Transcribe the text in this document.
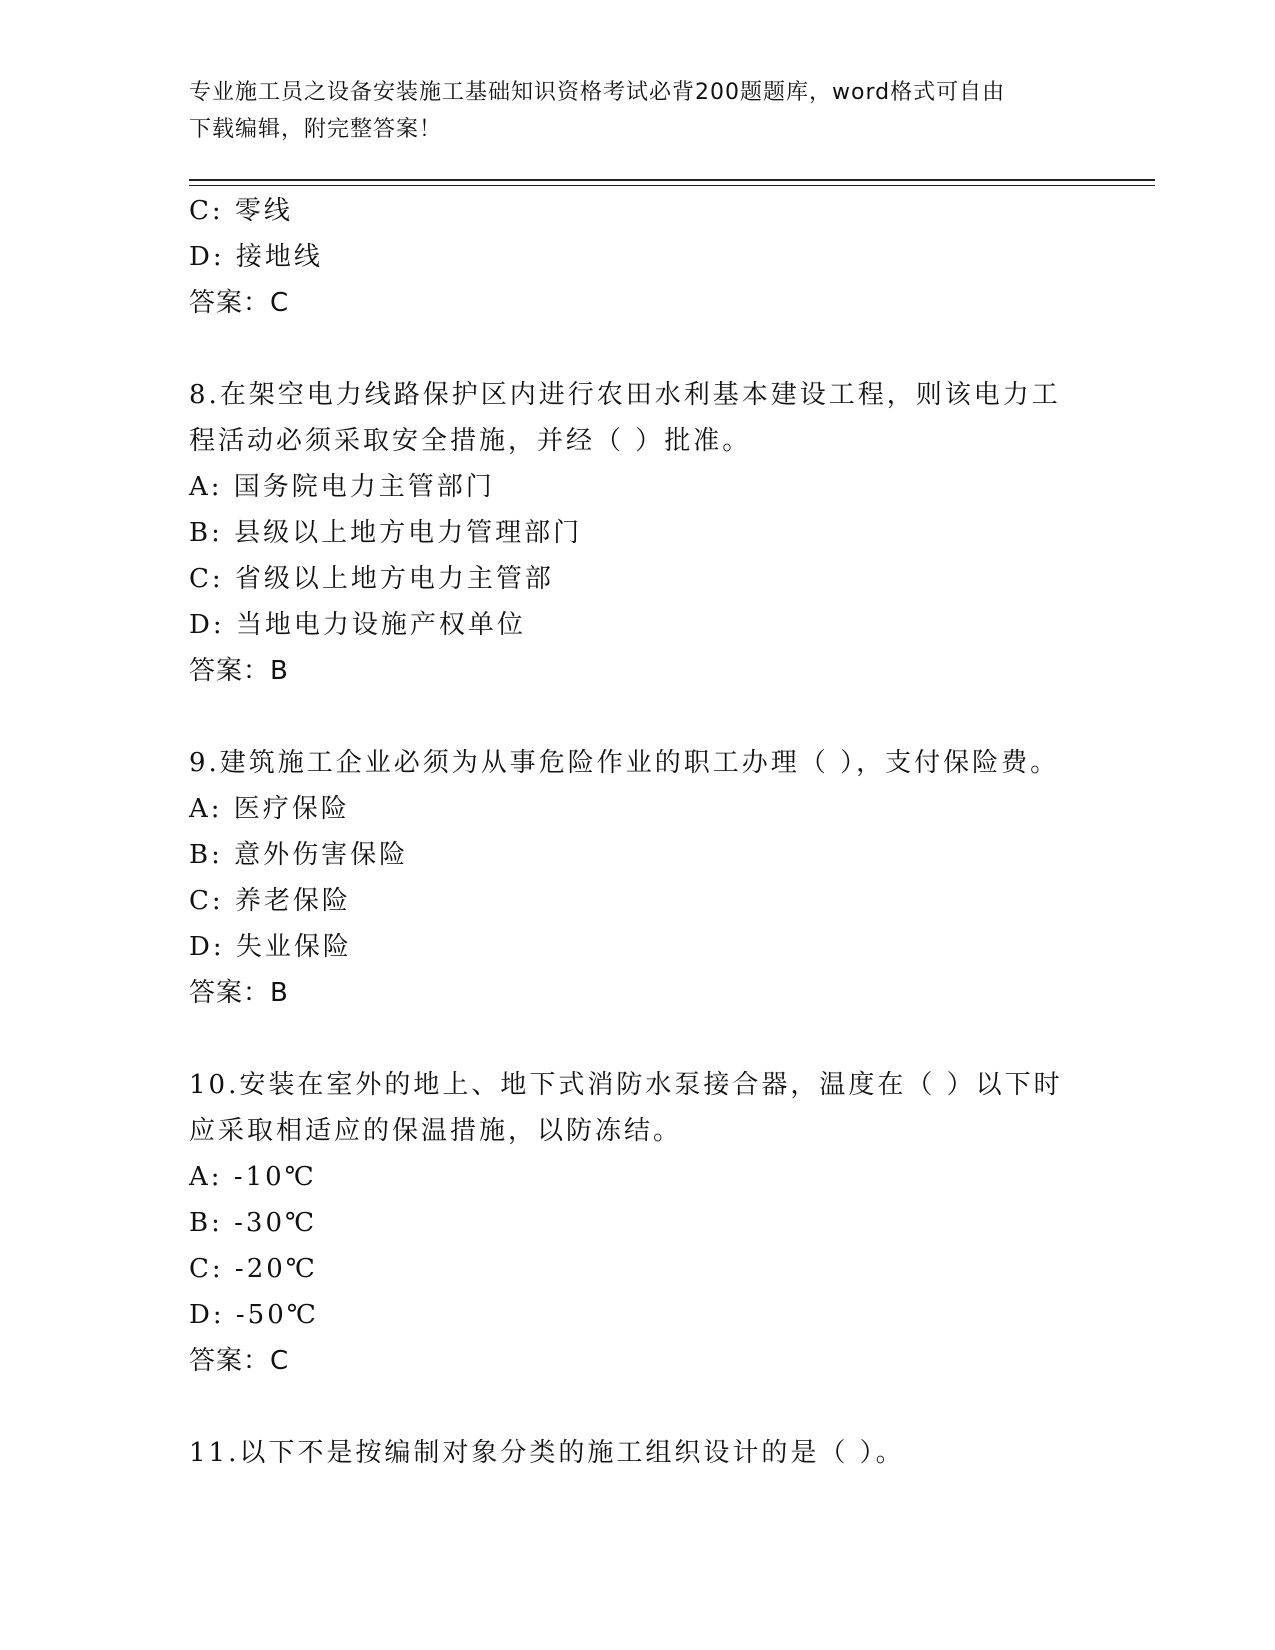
专业施工员之设备安装施工基础知识资格考试必背200题题库，word格式可自由
下载编辑，附完整答案！
C: 零线
D: 接地线
答案：C
8.在架空电力线路保护区内进行农田水利基本建设工程，则该电力工
程活动必须采取安全措施，并经（ ）批准。
A: 国务院电力主管部门
B: 县级以上地方电力管理部门
C: 省级以上地方电力主管部
D: 当地电力设施产权单位
答案：B
9.建筑施工企业必须为从事危险作业的职工办理（ ），支付保险费。
A: 医疗保险
B: 意外伤害保险
C: 养老保险
D: 失业保险
答案：B
10.安装在室外的地上、地下式消防水泵接合器，温度在（ ）以下时
应采取相适应的保温措施，以防冻结。
A: -10℃
B: -30℃
C: -20℃
D: -50℃
答案：C
11.以下不是按编制对象分类的施工组织设计的是（ ）。
